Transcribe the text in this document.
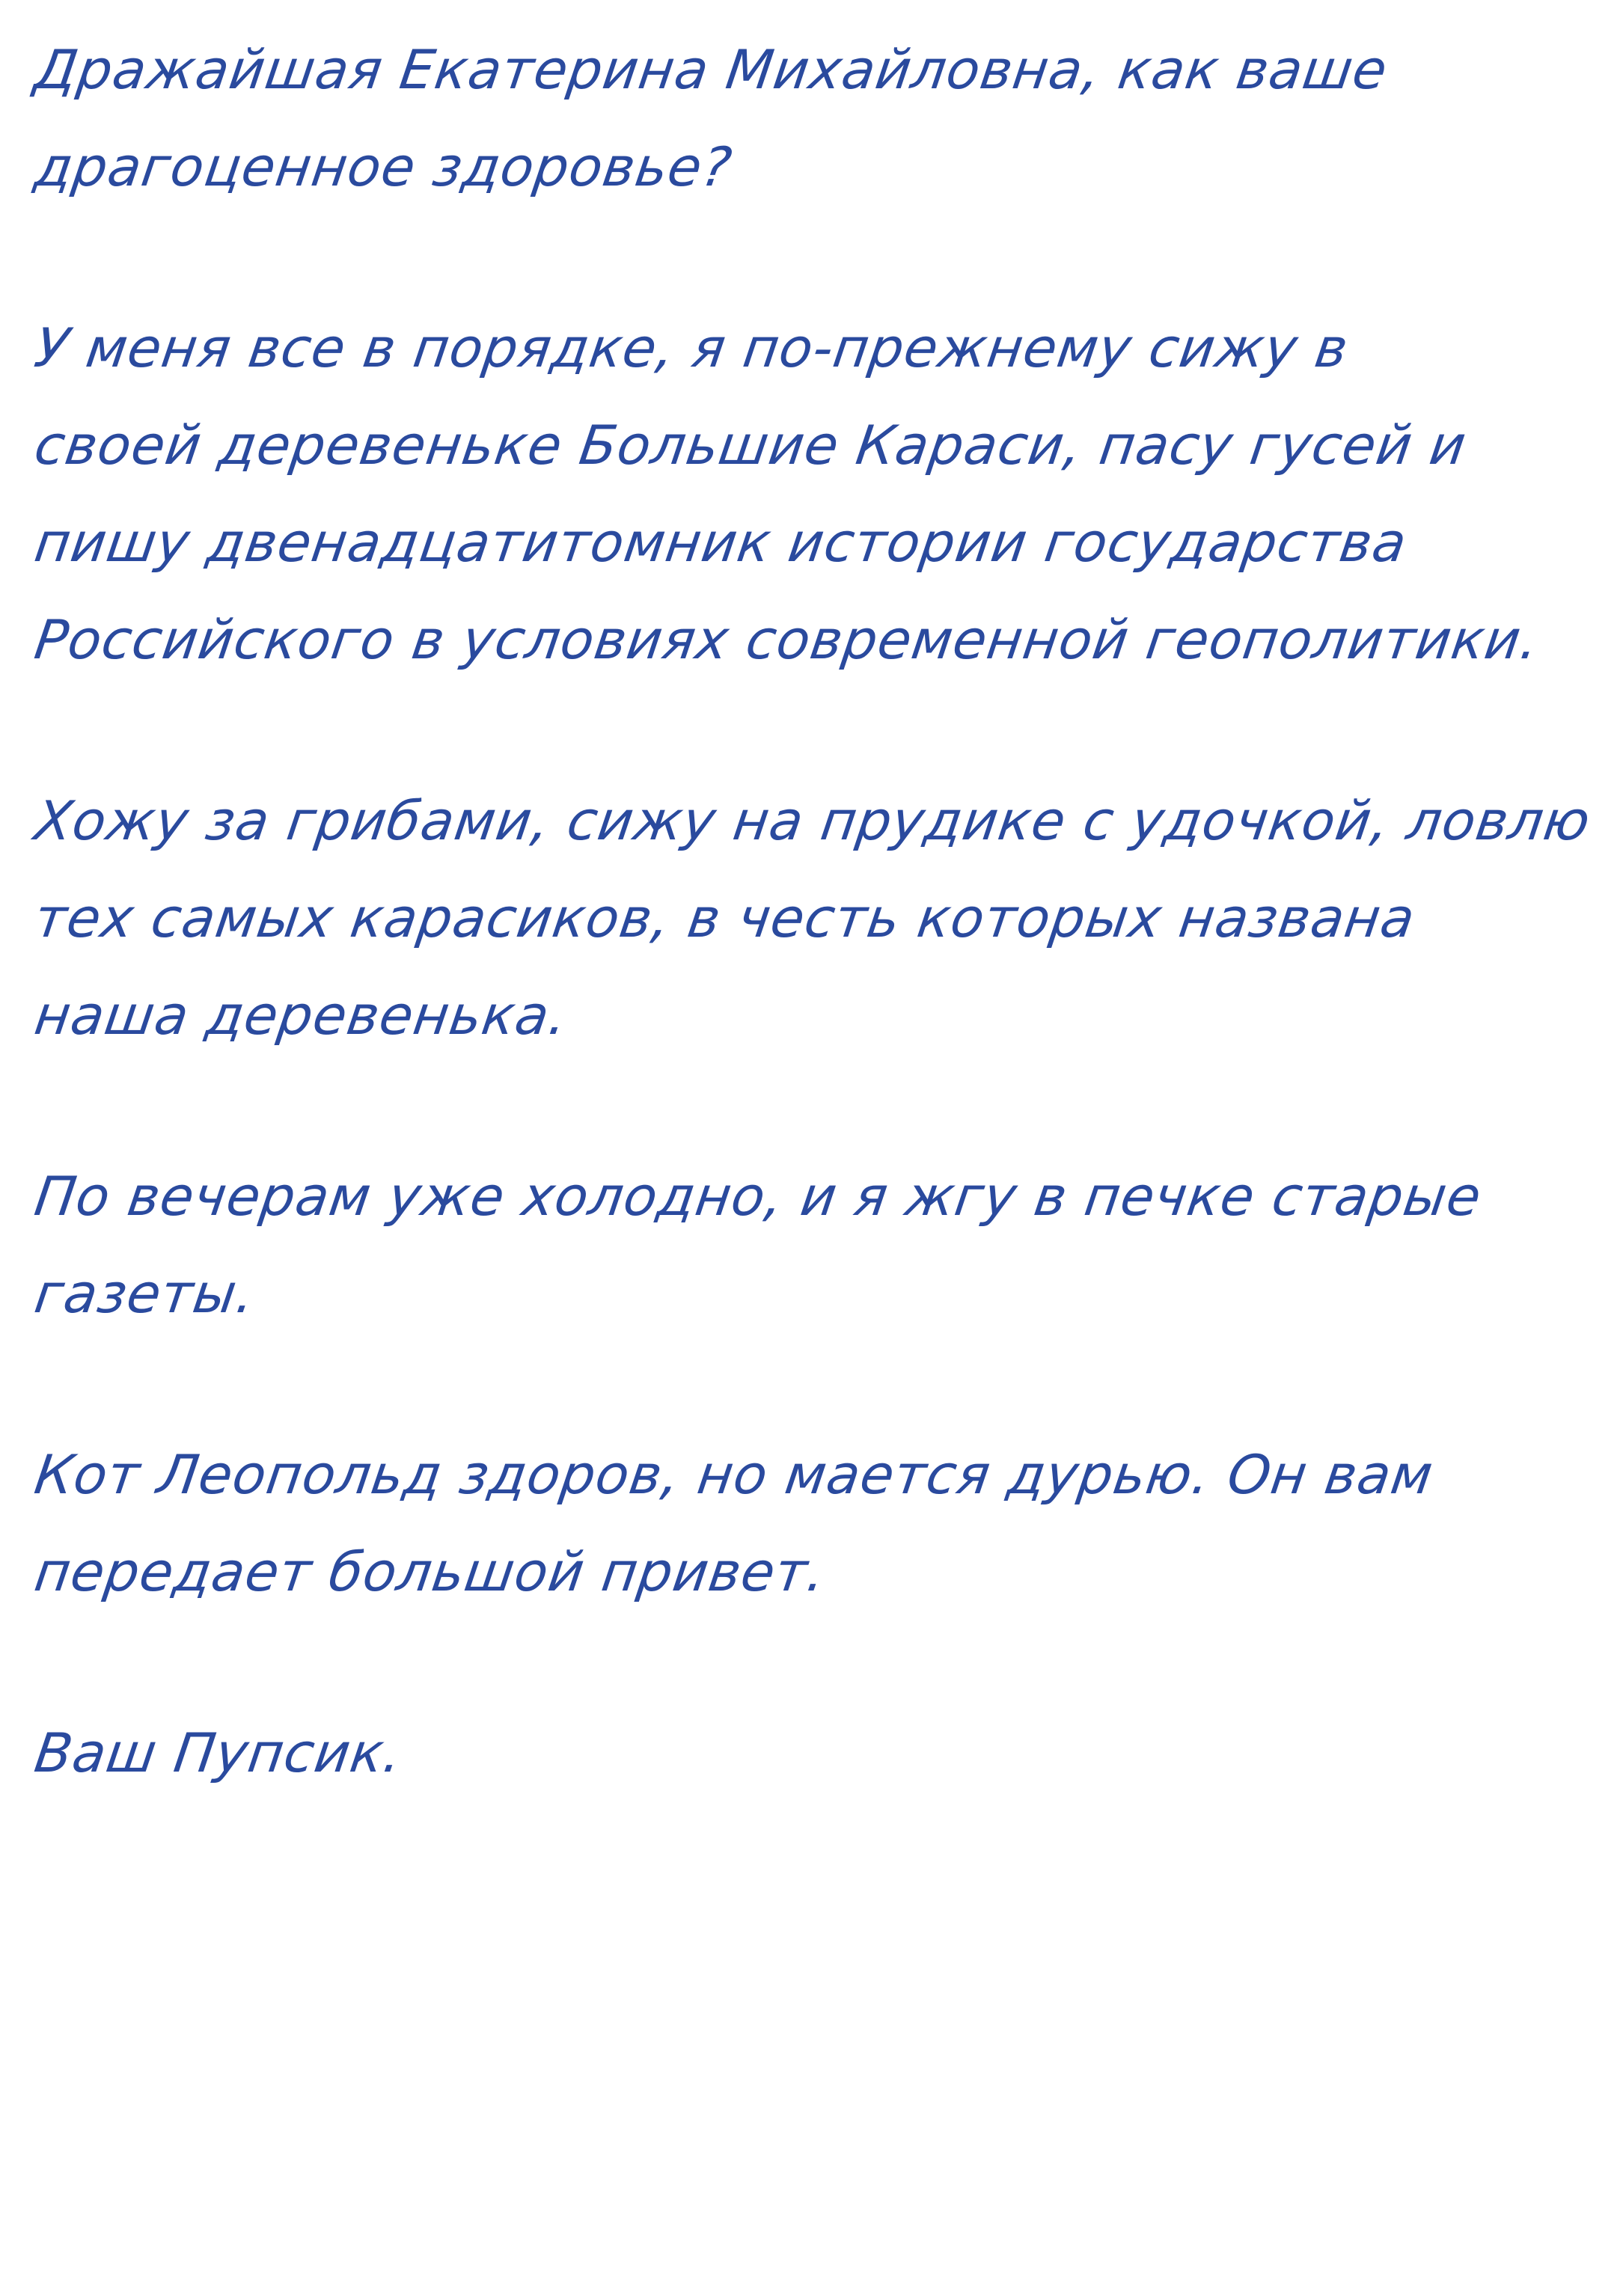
Дражайшая Екатерина Михайловна, как ваше
драгоценное здоровье?
У меня все в порядке, я по-прежнему сижу в
своей деревеньке Большие Караси, пасу гусей и
пишу двенадцатитомник истории государства
Российского в условиях современной геополитики.
Хожу за грибами, сижу на прудике с удочкой, ловлю
тех самых карасиков, в честь которых названа
наша деревенька.
По вечерам уже холодно, и я жгу в печке старые
газеты.
Кот Леопольд здоров, но мается дурью. Он вам
передает большой привет.
Ваш Пупсик.
